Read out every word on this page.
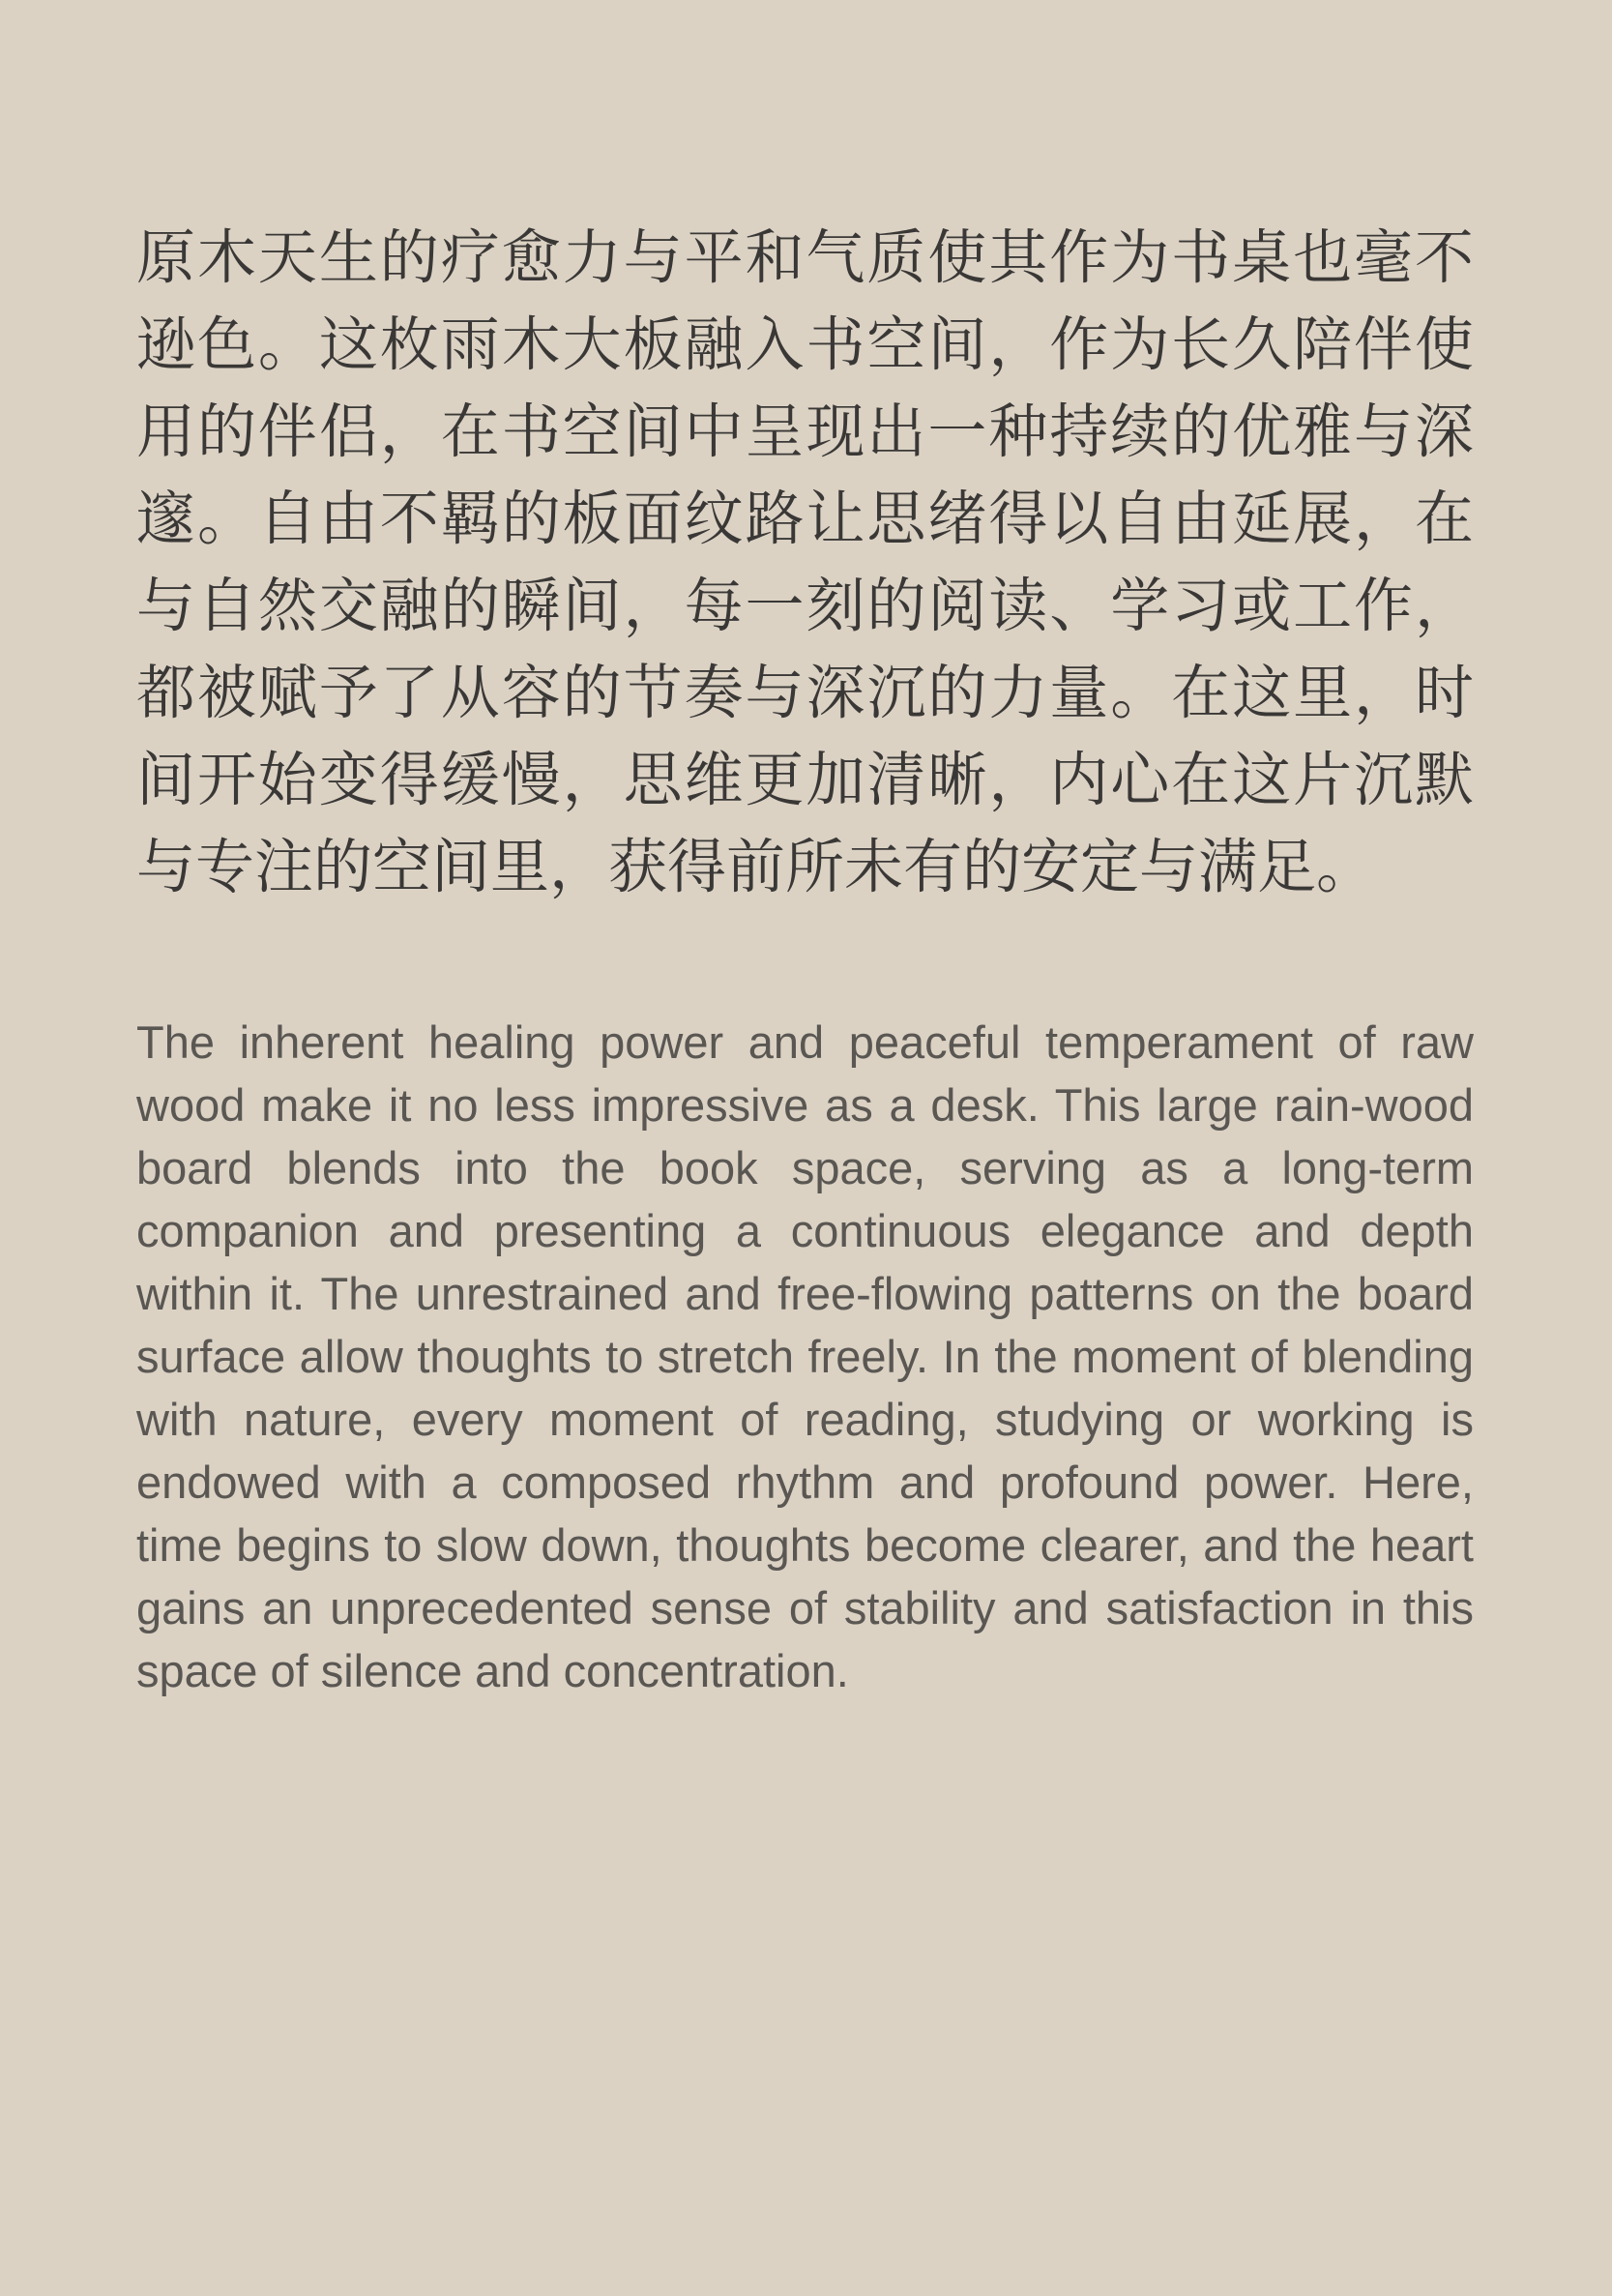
原木天生的疗愈力与平和气质使其作为书桌也毫不逊色。这枚雨木大板融入书空间，作为长久陪伴使用的伴侣，在书空间中呈现出一种持续的优雅与深邃。自由不羁的板面纹路让思绪得以自由延展，在与自然交融的瞬间，每一刻的阅读、学习或工作，都被赋予了从容的节奏与深沉的力量。在这里，时间开始变得缓慢，思维更加清晰，内心在这片沉默与专注的空间里，获得前所未有的安定与满足。

The inherent healing power and peaceful temperament of raw wood make it no less impressive as a desk. This large rain-wood board blends into the book space, serving as a long-term companion and presenting a continuous elegance and depth within it. The unrestrained and free-flowing patterns on the board surface allow thoughts to stretch freely. In the moment of blending with nature, every moment of reading, studying or working is endowed with a composed rhythm and profound power. Here, time begins to slow down, thoughts become clearer, and the heart gains an unprecedented sense of stability and satisfaction in this space of silence and concentration.
